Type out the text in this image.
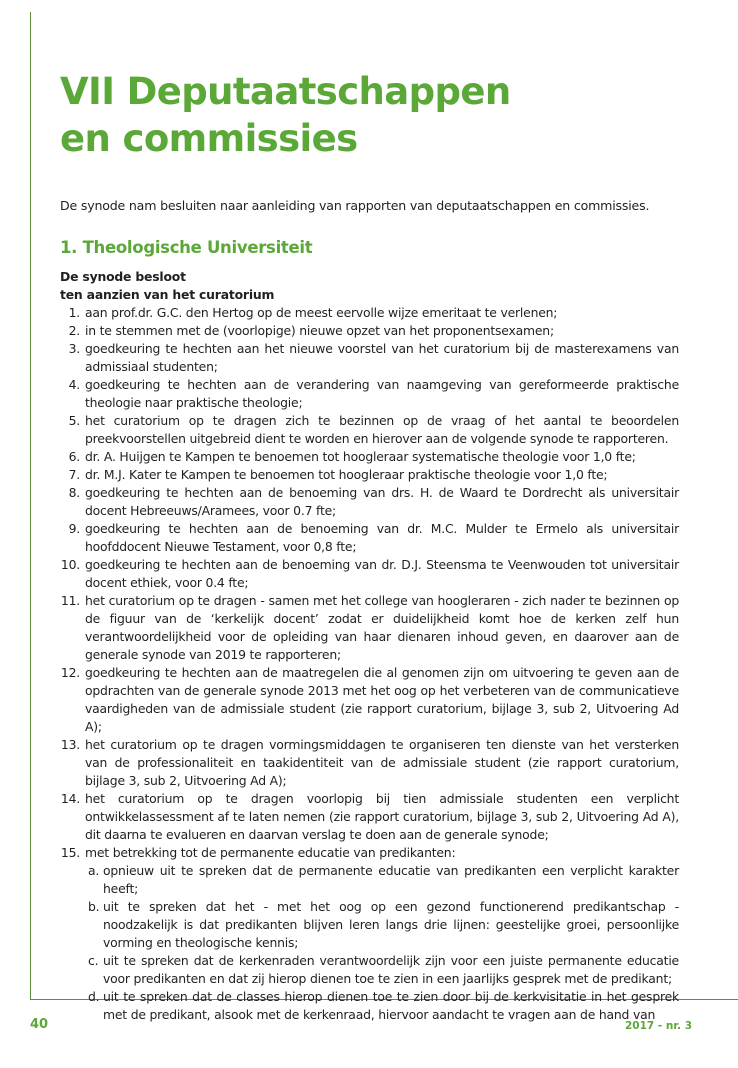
VII Deputaatschappen
en commissies

De synode nam besluiten naar aanleiding van rapporten van deputaatschappen en commissies.

1. Theologische Universiteit
De synode besloot
ten aanzien van het curatorium
1. aan prof.dr. G.C. den Hertog op de meest eervolle wijze emeritaat te verlenen;
2. in te stemmen met de (voorlopige) nieuwe opzet van het proponentsexamen;
3. goedkeuring te hechten aan het nieuwe voorstel van het curatorium bij de masterexamens van admissiaal studenten;
4. goedkeuring te hechten aan de verandering van naamgeving van gereformeerde praktische theologie naar praktische theologie;
5. het curatorium op te dragen zich te bezinnen op de vraag of het aantal te beoordelen preekvoorstellen uitgebreid dient te worden en hierover aan de volgende synode te rapporteren.
6. dr. A. Huijgen te Kampen te benoemen tot hoogleraar systematische theologie voor 1,0 fte;
7. dr. M.J. Kater te Kampen te benoemen tot hoogleraar praktische theologie voor 1,0 fte;
8. goedkeuring te hechten aan de benoeming van drs. H. de Waard te Dordrecht als universitair docent Hebreeuws/Aramees, voor 0.7 fte;
9. goedkeuring te hechten aan de benoeming van dr. M.C. Mulder te Ermelo als universitair hoofddocent Nieuwe Testament, voor 0,8 fte;
10. goedkeuring te hechten aan de benoeming van dr. D.J. Steensma te Veenwouden tot universitair docent ethiek, voor 0.4 fte;
11. het curatorium op te dragen - samen met het college van hoogleraren - zich nader te bezinnen op de figuur van de ‘kerkelijk docent’ zodat er duidelijkheid komt hoe de kerken zelf hun verantwoordelijkheid voor de opleiding van haar dienaren inhoud geven, en daarover aan de generale synode van 2019 te rapporteren;
12. goedkeuring te hechten aan de maatregelen die al genomen zijn om uitvoering te geven aan de opdrachten van de generale synode 2013 met het oog op het verbeteren van de communicatieve vaardigheden van de admissiale student (zie rapport curatorium, bijlage 3, sub 2, Uitvoering Ad A);
13. het curatorium op te dragen vormingsmiddagen te organiseren ten dienste van het versterken van de professionaliteit en taakidentiteit van de admissiale student (zie rapport curatorium, bijlage 3, sub 2, Uitvoering Ad A);
14. het curatorium op te dragen voorlopig bij tien admissiale studenten een verplicht ontwikkelassessment af te laten nemen (zie rapport curatorium, bijlage 3, sub 2, Uitvoering Ad A), dit daarna te evalueren en daarvan verslag te doen aan de generale synode;
15. met betrekking tot de permanente educatie van predikanten:
a. opnieuw uit te spreken dat de permanente educatie van predikanten een verplicht karakter heeft;
b. uit te spreken dat het - met het oog op een gezond functionerend predikantschap - noodzakelijk is dat predikanten blijven leren langs drie lijnen: geestelijke groei, persoonlijke vorming en theologische kennis;
c. uit te spreken dat de kerkenraden verantwoordelijk zijn voor een juiste permanente educatie voor predikanten en dat zij hierop dienen toe te zien in een jaarlijks gesprek met de predikant;
d. uit te spreken dat de classes hierop dienen toe te zien door bij de kerkvisitatie in het gesprek met de predikant, alsook met de kerkenraad, hiervoor aandacht te vragen aan de hand van
40	2017 - nr. 3
